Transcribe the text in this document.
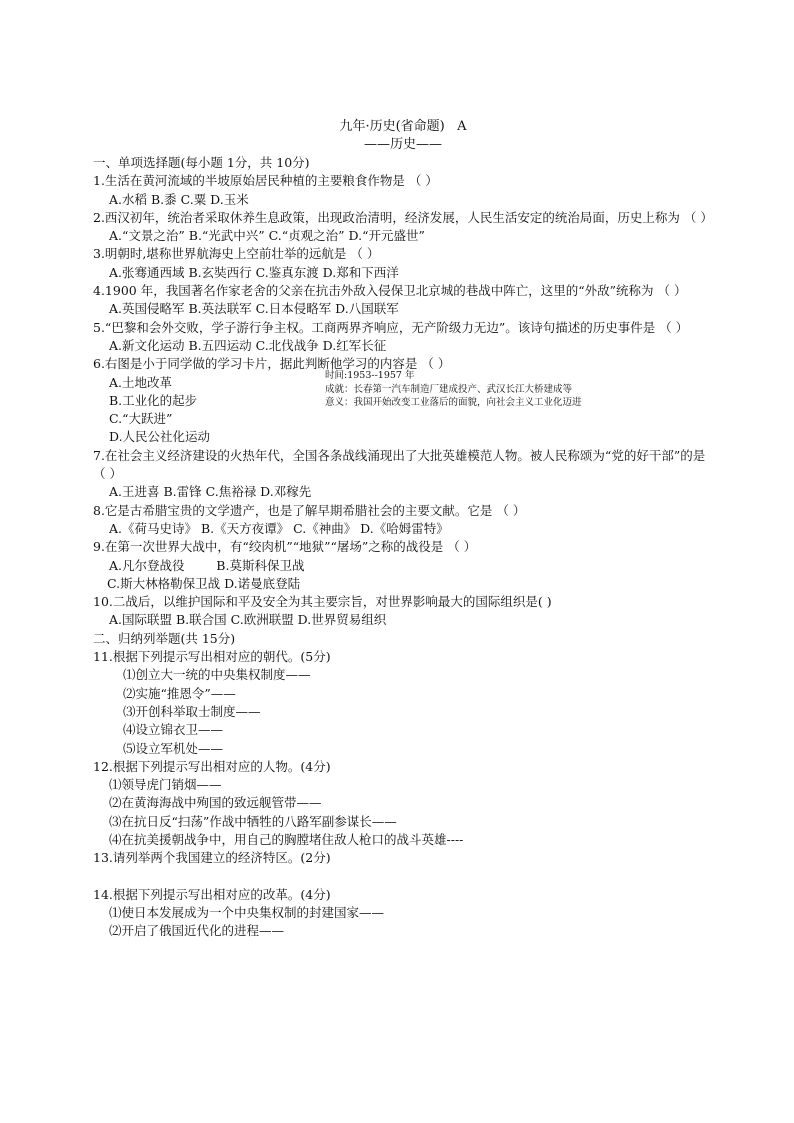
九年·历史(省命题)   A
——历史——
一、单项选择题(每小题 1分，共 10分)
1.生活在黄河流域的半坡原始居民种植的主要粮食作物是 （ ）
A.水稻 B.黍 C.粟 D.玉米
2.西汉初年，统治者采取休养生息政策，出现政治清明，经济发展，人民生活安定的统治局面，历史上称为 （ ）
A.“文景之治” B.“光武中兴” C.“贞观之治” D.“开元盛世”
3.明朝时,堪称世界航海史上空前壮举的远航是 （ ）
A.张骞通西域 B.玄奘西行 C.鉴真东渡 D.郑和下西洋
4.1900 年，我国著名作家老舍的父亲在抗击外敌入侵保卫北京城的巷战中阵亡，这里的“外敌”统称为 （ ）
A.英国侵略军 B.英法联军 C.日本侵略军 D.八国联军
5.“巴黎和会外交败，学子游行争主权。工商两界齐响应，无产阶级力无边”。该诗句描述的历史事件是 （ ）
A.新文化运动 B.五四运动 C.北伐战争 D.红军长征
6.右图是小于同学做的学习卡片，据此判断他学习的内容是 （ ）
A.土地改革
B.工业化的起步
C.“大跃进”
D.人民公社化运动
时间:1953--1957 年
成就：长春第一汽车制造厂建成投产、武汉长江大桥建成等
意义：我国开始改变工业落后的面貌，向社会主义工业化迈进
7.在社会主义经济建设的火热年代，全国各条战线涌现出了大批英雄模范人物。被人民称颂为“党的好干部”的是 （ ）
A.王进喜 B.雷锋 C.焦裕禄 D.邓稼先
8.它是古希腊宝贵的文学遗产，也是了解早期希腊社会的主要文献。它是 （ ）
A.《荷马史诗》 B.《天方夜谭》 C.《神曲》 D.《哈姆雷特》
9.在第一次世界大战中，有“绞肉机”“地狱”“屠场”之称的战役是 （ ）
A.凡尔登战役        B.莫斯科保卫战
C.斯大林格勒保卫战 D.诺曼底登陆
10.二战后，以维护国际和平及安全为其主要宗旨，对世界影响最大的国际组织是( )
A.国际联盟 B.联合国 C.欧洲联盟 D.世界贸易组织
二、归纳列举题(共 15分)
11.根据下列提示写出相对应的朝代。(5分)
⑴创立大一统的中央集权制度——
⑵实施“推恩令”——
⑶开创科举取士制度——
⑷设立锦衣卫——
⑸设立军机处——
12.根据下列提示写出相对应的人物。(4分)
⑴领导虎门销烟——
⑵在黄海海战中殉国的致远舰管带——
⑶在抗日反“扫荡”作战中牺牲的八路军副参谋长——
⑷在抗美援朝战争中，用自己的胸膛堵住敌人枪口的战斗英雄----
13.请列举两个我国建立的经济特区。(2分)
14.根据下列提示写出相对应的改革。(4分)
⑴使日本发展成为一个中央集权制的封建国家——
⑵开启了俄国近代化的进程——
